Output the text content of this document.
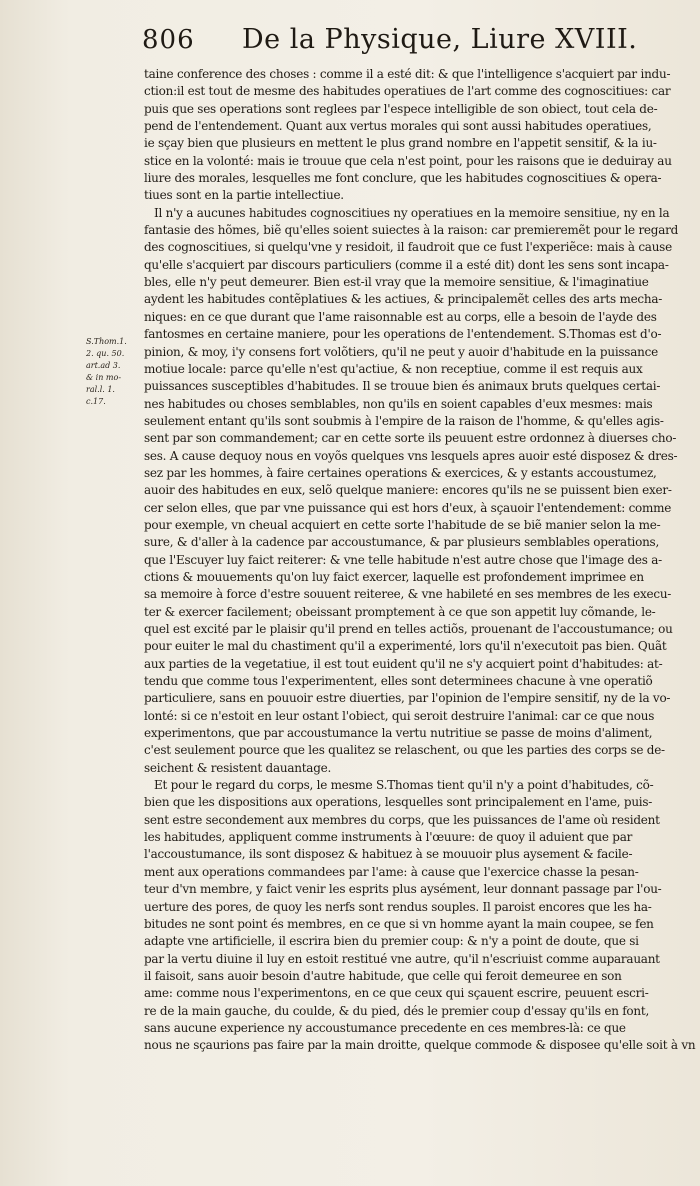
806	De la Physique, Liure XVIII.
S.Thom.1.
2. qu. 50.
art.ad 3.
& in mo-
ral.l. 1.
c.17.
taine conference des choses : comme il a esté dit: & que l'intelligence s'acquiert par indu-
ction:il est tout de mesme des habitudes operatiues de l'art comme des cognoscitiues: car
puis que ses operations sont reglees par l'espece intelligible de son obiect, tout cela de-
pend de l'entendement. Quant aux vertus morales qui sont aussi habitudes operatiues,
ie sçay bien que plusieurs en mettent le plus grand nombre en l'appetit sensitif, & la iu-
stice en la volonté: mais ie trouue que cela n'est point, pour les raisons que ie deduiray au
liure des morales, lesquelles me font conclure, que les habitudes cognoscitiues & opera-
tiues sont en la partie intellectiue.
Il n'y a aucunes habitudes cognoscitiues ny operatiues en la memoire sensitiue, ny en la
fantasie des hõmes, biẽ qu'elles soient suiectes à la raison: car premieremẽt pour le regard
des cognoscitiues, si quelqu'vne y residoit, il faudroit que ce fust l'experiẽce: mais à cause
qu'elle s'acquiert par discours particuliers (comme il a esté dit) dont les sens sont incapa-
bles, elle n'y peut demeurer. Bien est-il vray que la memoire sensitiue, & l'imaginatiue
aydent les habitudes contẽplatiues & les actiues, & principalemẽt celles des arts mecha-
niques: en ce que durant que l'ame raisonnable est au corps, elle a besoin de l'ayde des
fantosmes en certaine maniere, pour les operations de l'entendement. S.Thomas est d'o-
pinion, & moy, i'y consens fort volõtiers, qu'il ne peut y auoir d'habitude en la puissance
motiue locale: parce qu'elle n'est qu'actiue, & non receptiue, comme il est requis aux
puissances susceptibles d'habitudes. Il se trouue bien és animaux bruts quelques certai-
nes habitudes ou choses semblables, non qu'ils en soient capables d'eux mesmes: mais
seulement entant qu'ils sont soubmis à l'empire de la raison de l'homme, & qu'elles agis-
sent par son commandement; car en cette sorte ils peuuent estre ordonnez à diuerses cho-
ses. A cause dequoy nous en voyõs quelques vns lesquels apres auoir esté disposez & dres-
sez par les hommes, à faire certaines operations & exercices, & y estants accoustumez,
auoir des habitudes en eux, selõ quelque maniere: encores qu'ils ne se puissent bien exer-
cer selon elles, que par vne puissance qui est hors d'eux, à sçauoir l'entendement: comme
pour exemple, vn cheual acquiert en cette sorte l'habitude de se biẽ manier selon la me-
sure, & d'aller à la cadence par accoustumance, & par plusieurs semblables operations,
que l'Escuyer luy faict reiterer: & vne telle habitude n'est autre chose que l'image des a-
ctions & mouuements qu'on luy faict exercer, laquelle est profondement imprimee en
sa memoire à force d'estre souuent reiteree, & vne habileté en ses membres de les execu-
ter & exercer facilement; obeissant promptement à ce que son appetit luy cõmande, le-
quel est excité par le plaisir qu'il prend en telles actiõs, prouenant de l'accoustumance; ou
pour euiter le mal du chastiment qu'il a experimenté, lors qu'il n'executoit pas bien. Quãt
aux parties de la vegetatiue, il est tout euident qu'il ne s'y acquiert point d'habitudes: at-
tendu que comme tous l'experimentent, elles sont determinees chacune à vne operatiõ
particuliere, sans en pouuoir estre diuerties, par l'opinion de l'empire sensitif, ny de la vo-
lonté: si ce n'estoit en leur ostant l'obiect, qui seroit destruire l'animal: car ce que nous
experimentons, que par accoustumance la vertu nutritiue se passe de moins d'aliment,
c'est seulement pource que les qualitez se relaschent, ou que les parties des corps se de-
seichent & resistent dauantage.
Et pour le regard du corps, le mesme S.Thomas tient qu'il n'y a point d'habitudes, cõ-
bien que les dispositions aux operations, lesquelles sont principalement en l'ame, puis-
sent estre secondement aux membres du corps, que les puissances de l'ame où resident
les habitudes, appliquent comme instruments à l'œuure: de quoy il aduient que par
l'accoustumance, ils sont disposez & habituez à se mouuoir plus aysement & facile-
ment aux operations commandees par l'ame: à cause que l'exercice chasse la pesan-
teur d'vn membre, y faict venir les esprits plus aysément, leur donnant passage par l'ou-
uerture des pores, de quoy les nerfs sont rendus souples. Il paroist encores que les ha-
bitudes ne sont point és membres, en ce que si vn homme ayant la main coupee, se fen
adapte vne artificielle, il escrira bien du premier coup: & n'y a point de doute, que si
par la vertu diuine il luy en estoit restitué vne autre, qu'il n'escriuist comme auparauant
il faisoit, sans auoir besoin d'autre habitude, que celle qui feroit demeuree en son
ame: comme nous l'experimentons, en ce que ceux qui sçauent escrire, peuuent escri-
re de la main gauche, du coulde, & du pied, dés le premier coup d'essay qu'ils en font,
sans aucune experience ny accoustumance precedente en ces membres-là: ce que
nous ne sçaurions pas faire par la main droitte, quelque commode & disposee qu'elle soit à vn
